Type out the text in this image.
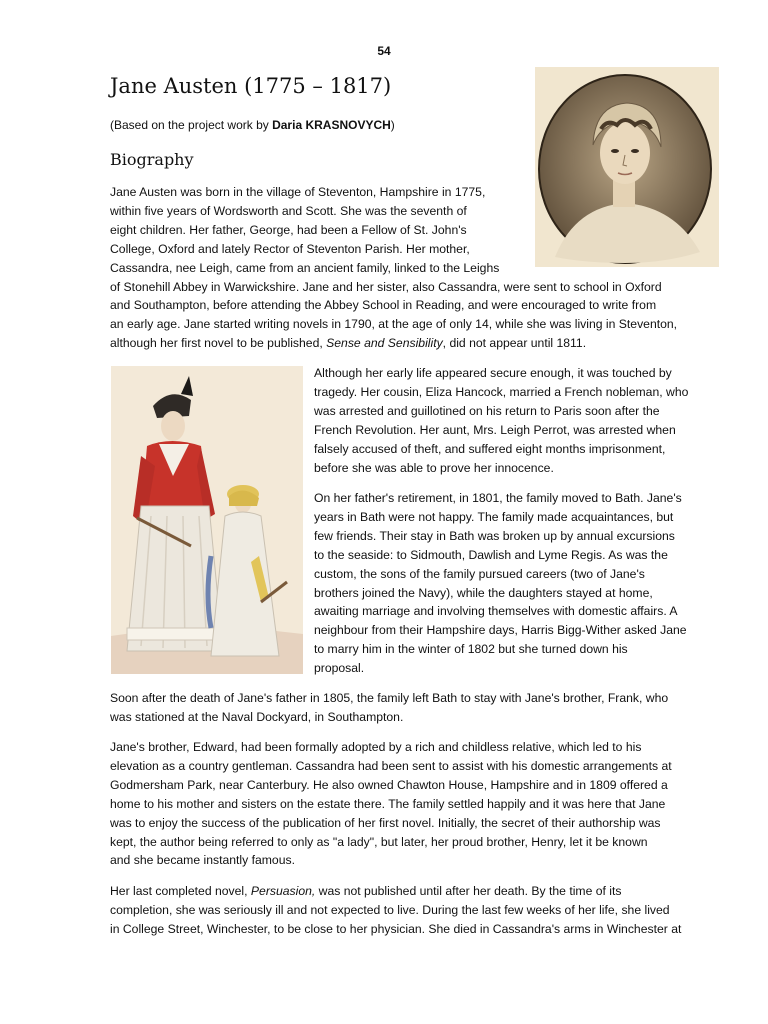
54
Jane Austen (1775 – 1817)
(Based on the project work by Daria KRASNOVYCH)
Biography

Jane Austen was born in the village of Steventon, Hampshire in 1775,
within five years of Wordsworth and Scott. She was the seventh of
eight children. Her father, George, had been a Fellow of St. John's
College, Oxford and lately Rector of Steventon Parish. Her mother,
Cassandra, nee Leigh, came from an ancient family, linked to the Leighs
of Stonehill Abbey in Warwickshire. Jane and her sister, also Cassandra, were sent to school in Oxford
and Southampton, before attending the Abbey School in Reading, and were encouraged to write from
an early age. Jane started writing novels in 1790, at the age of only 14, while she was living in Steventon,
although her first novel to be published, Sense and Sensibility, did not appear until 1811.

Although her early life appeared secure enough, it was touched by
tragedy. Her cousin, Eliza Hancock, married a French nobleman, who
was arrested and guillotined on his return to Paris soon after the
French Revolution. Her aunt, Mrs. Leigh Perrot, was arrested when
falsely accused of theft, and suffered eight months imprisonment,
before she was able to prove her innocence.

On her father's retirement, in 1801, the family moved to Bath. Jane's
years in Bath were not happy. The family made acquaintances, but
few friends. Their stay in Bath was broken up by annual excursions
to the seaside: to Sidmouth, Dawlish and Lyme Regis. As was the
custom, the sons of the family pursued careers (two of Jane's
brothers joined the Navy), while the daughters stayed at home,
awaiting marriage and involving themselves with domestic affairs. A
neighbour from their Hampshire days, Harris Bigg-Wither asked Jane
to marry him in the winter of 1802 but she turned down his
proposal.

Soon after the death of Jane's father in 1805, the family left Bath to stay with Jane's brother, Frank, who
was stationed at the Naval Dockyard, in Southampton.

Jane's brother, Edward, had been formally adopted by a rich and childless relative, which led to his
elevation as a country gentleman. Cassandra had been sent to assist with his domestic arrangements at
Godmersham Park, near Canterbury. He also owned Chawton House, Hampshire and in 1809 offered a
home to his mother and sisters on the estate there. The family settled happily and it was here that Jane
was to enjoy the success of the publication of her first novel. Initially, the secret of their authorship was
kept, the author being referred to only as "a lady", but later, her proud brother, Henry, let it be known
and she became instantly famous.

Her last completed novel, Persuasion, was not published until after her death. By the time of its
completion, she was seriously ill and not expected to live. During the last few weeks of her life, she lived
in College Street, Winchester, to be close to her physician. She died in Cassandra's arms in Winchester at
